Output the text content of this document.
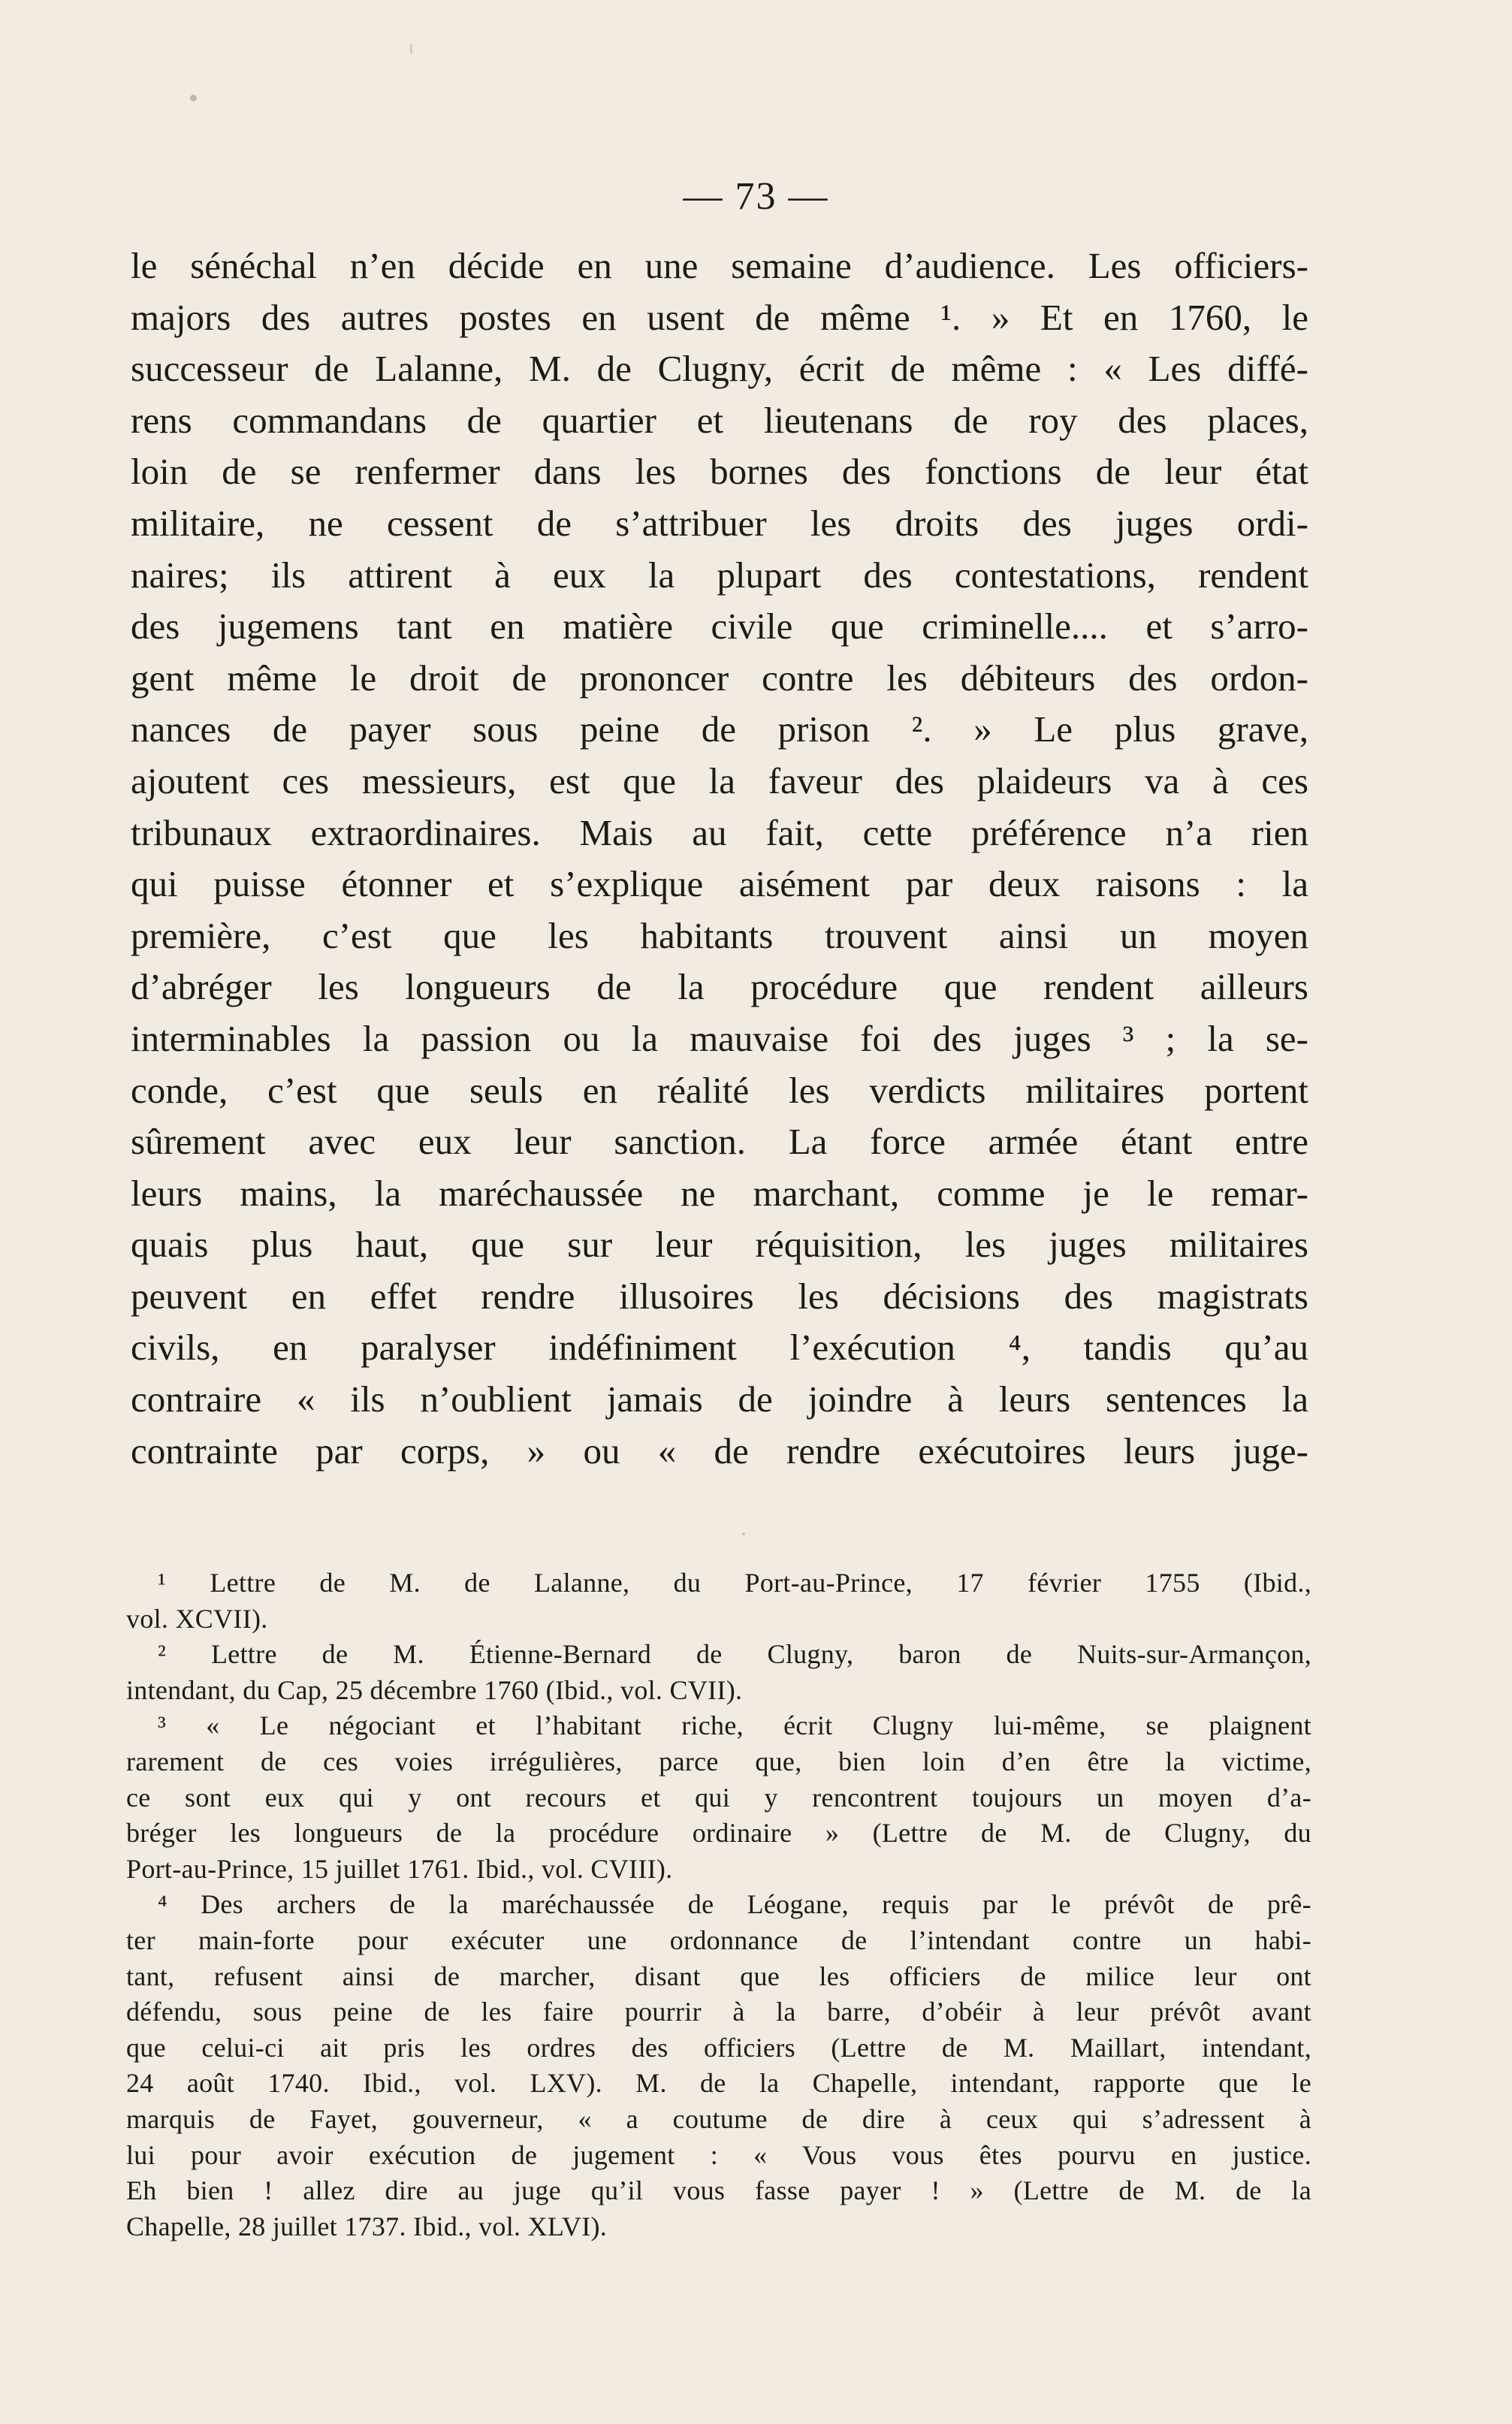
— 73 —
le sénéchal n’en décide en une semaine d’audience. Les officiers-
majors des autres postes en usent de même ¹. » Et en 1760, le
successeur de Lalanne, M. de Clugny, écrit de même : « Les diffé-
rens commandans de quartier et lieutenans de roy des places,
loin de se renfermer dans les bornes des fonctions de leur état
militaire, ne cessent de s’attribuer les droits des juges ordi-
naires; ils attirent à eux la plupart des contestations, rendent
des jugemens tant en matière civile que criminelle.... et s’arro-
gent même le droit de prononcer contre les débiteurs des ordon-
nances de payer sous peine de prison ². » Le plus grave,
ajoutent ces messieurs, est que la faveur des plaideurs va à ces
tribunaux extraordinaires. Mais au fait, cette préférence n’a rien
qui puisse étonner et s’explique aisément par deux raisons : la
première, c’est que les habitants trouvent ainsi un moyen
d’abréger les longueurs de la procédure que rendent ailleurs
interminables la passion ou la mauvaise foi des juges ³ ; la se-
conde, c’est que seuls en réalité les verdicts militaires portent
sûrement avec eux leur sanction. La force armée étant entre
leurs mains, la maréchaussée ne marchant, comme je le remar-
quais plus haut, que sur leur réquisition, les juges militaires
peuvent en effet rendre illusoires les décisions des magistrats
civils, en paralyser indéfiniment l’exécution ⁴, tandis qu’au
contraire « ils n’oublient jamais de joindre à leurs sentences la
contrainte par corps, » ou « de rendre exécutoires leurs juge-
¹ Lettre de M. de Lalanne, du Port-au-Prince, 17 février 1755 (Ibid.,
vol. XCVII).
² Lettre de M. Étienne-Bernard de Clugny, baron de Nuits-sur-Armançon,
intendant, du Cap, 25 décembre 1760 (Ibid., vol. CVII).
³ « Le négociant et l’habitant riche, écrit Clugny lui-même, se plaignent
rarement de ces voies irrégulières, parce que, bien loin d’en être la victime,
ce sont eux qui y ont recours et qui y rencontrent toujours un moyen d’a-
bréger les longueurs de la procédure ordinaire » (Lettre de M. de Clugny, du
Port-au-Prince, 15 juillet 1761. Ibid., vol. CVIII).
⁴ Des archers de la maréchaussée de Léogane, requis par le prévôt de prê-
ter main-forte pour exécuter une ordonnance de l’intendant contre un habi-
tant, refusent ainsi de marcher, disant que les officiers de milice leur ont
défendu, sous peine de les faire pourrir à la barre, d’obéir à leur prévôt avant
que celui-ci ait pris les ordres des officiers (Lettre de M. Maillart, intendant,
24 août 1740. Ibid., vol. LXV). M. de la Chapelle, intendant, rapporte que le
marquis de Fayet, gouverneur, « a coutume de dire à ceux qui s’adressent à
lui pour avoir exécution de jugement : « Vous vous êtes pourvu en justice.
Eh bien ! allez dire au juge qu’il vous fasse payer ! » (Lettre de M. de la
Chapelle, 28 juillet 1737. Ibid., vol. XLVI).
